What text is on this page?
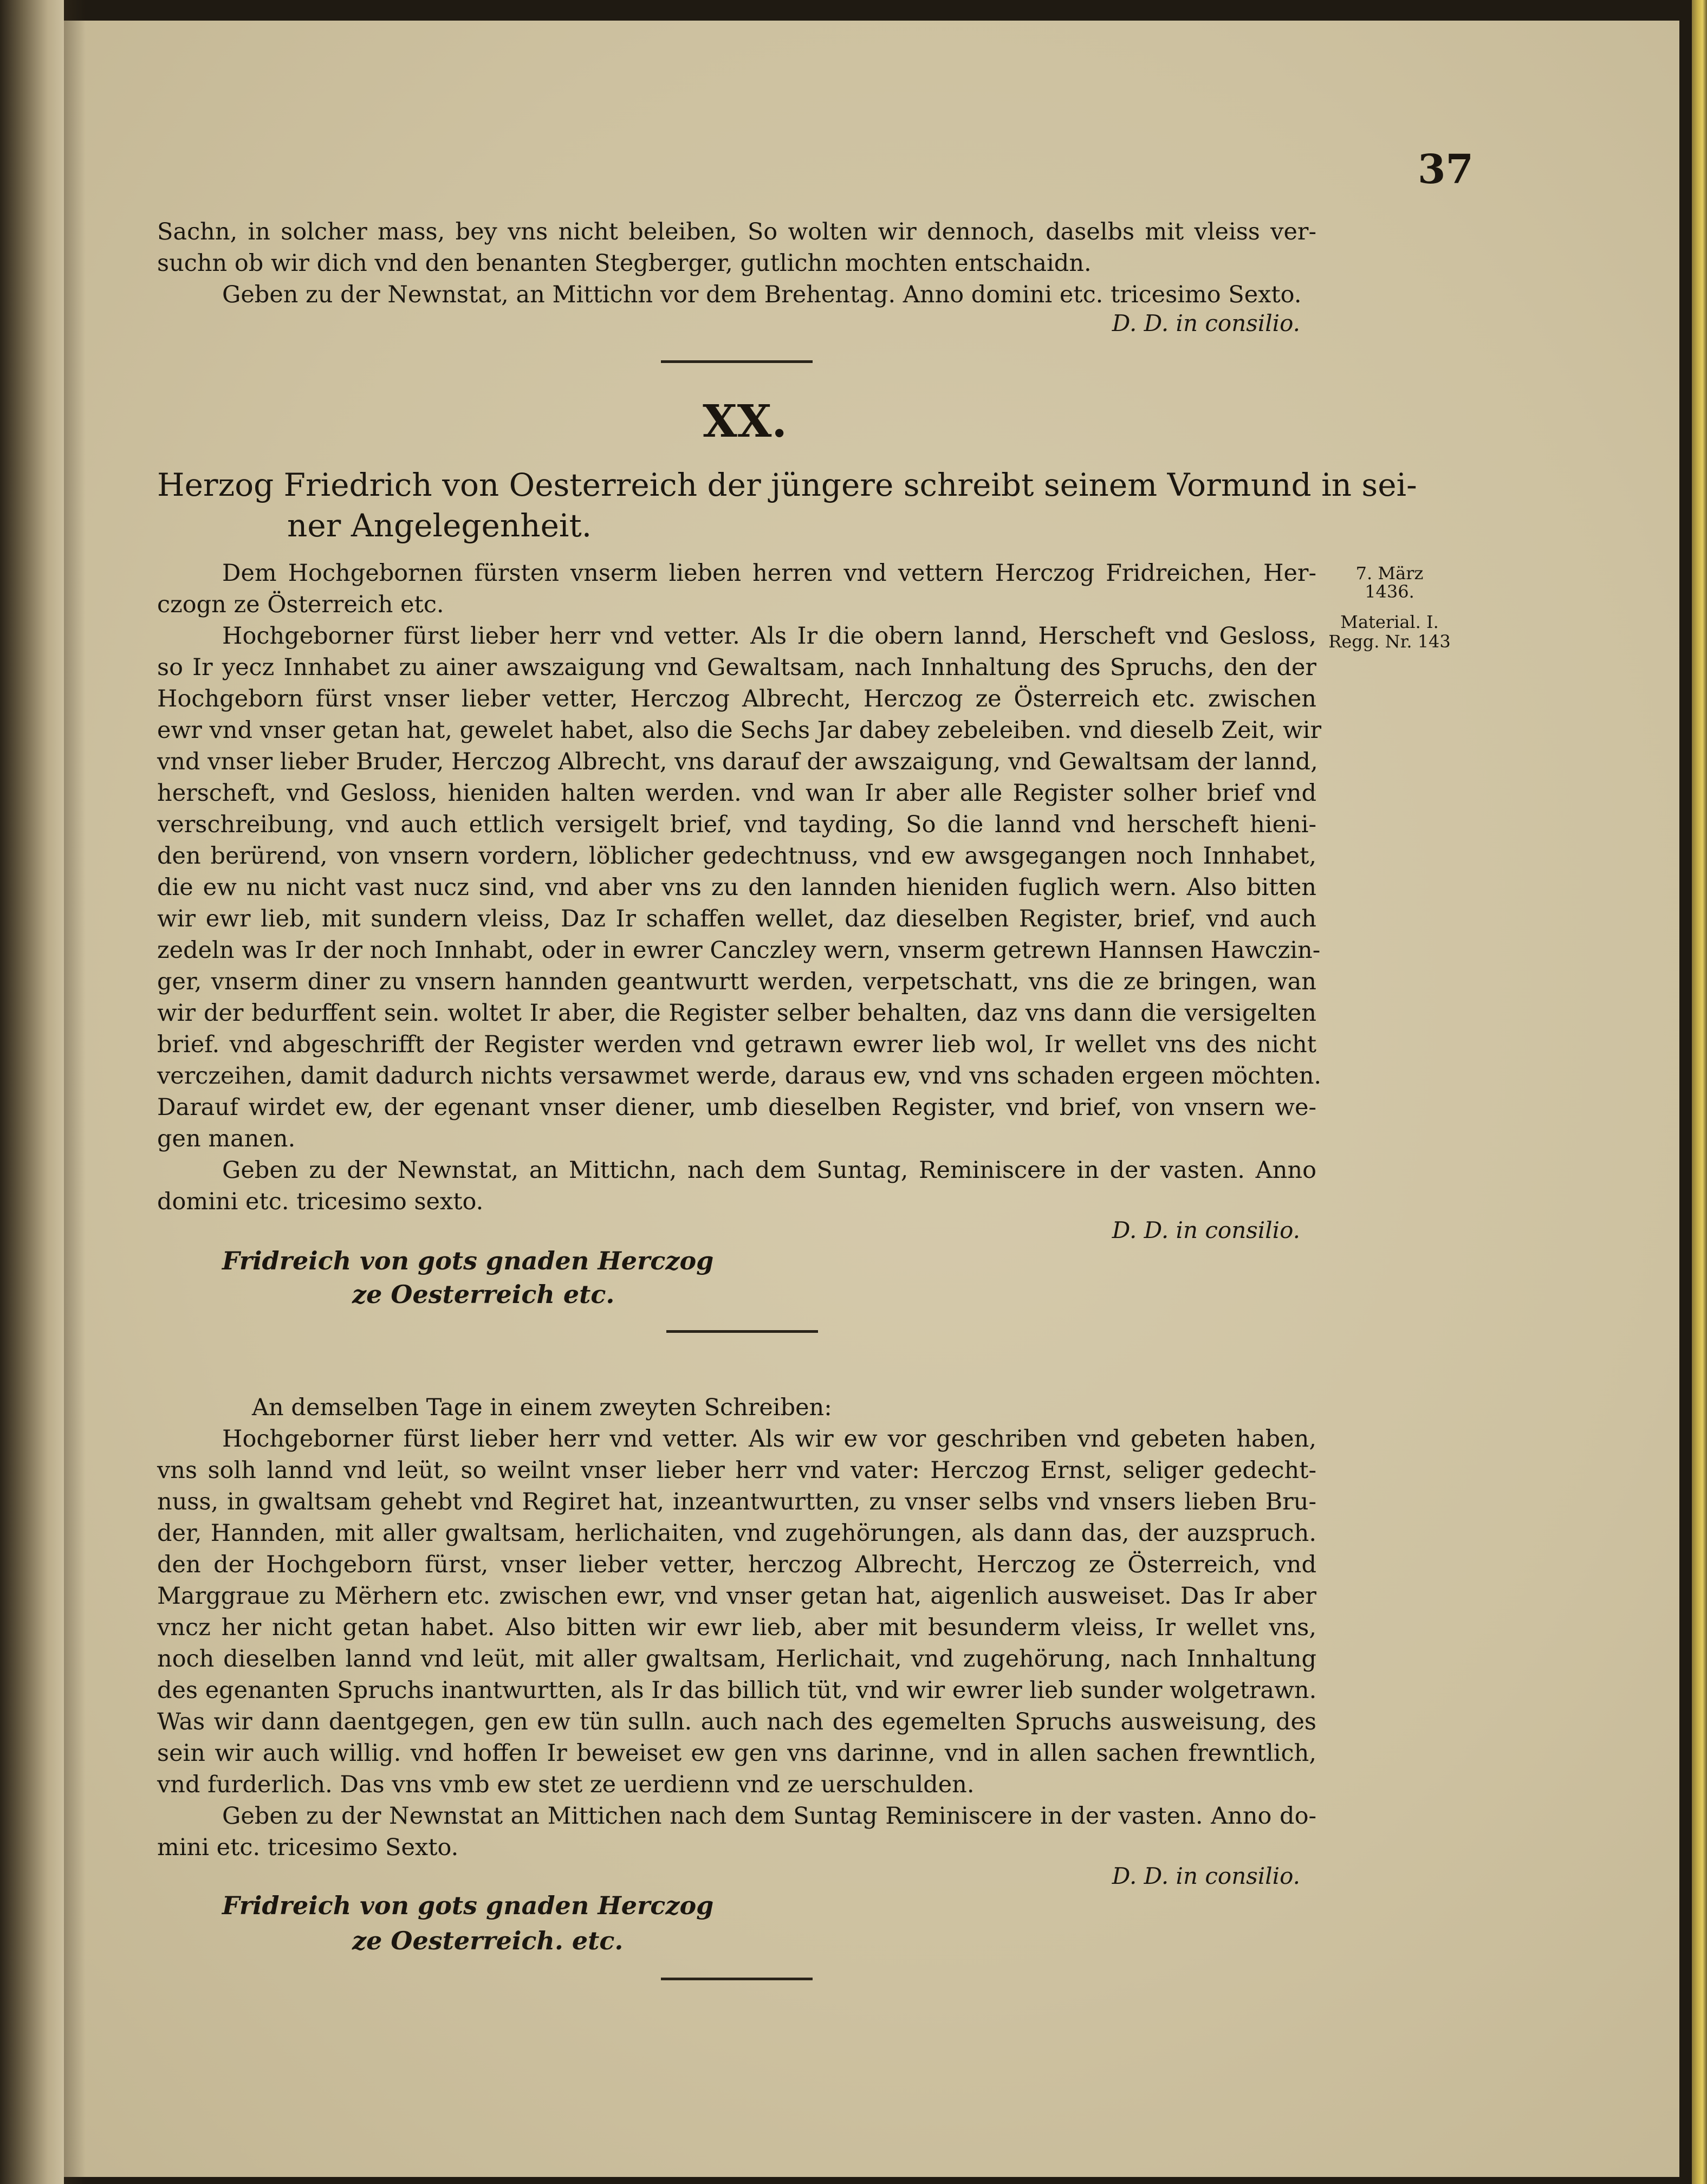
37
Sachn, in solcher mass, bey vns nicht beleiben, So wolten wir dennoch, daselbs mit vleiss ver-
suchn ob wir dich vnd den benanten Stegberger, gutlichn mochten entschaidn.
Geben zu der Newnstat, an Mittichn vor dem Brehentag. Anno domini etc. tricesimo Sexto.
D. D. in consilio.
XX.
Herzog Friedrich von Oesterreich der jüngere schreibt seinem Vormund in sei-
ner Angelegenheit.
7. März
1436.
Material. I.
Regg. Nr. 143
Dem Hochgebornen fürsten vnserm lieben herren vnd vettern Herczog Fridreichen, Her-
czogn ze Österreich etc.
Hochgeborner fürst lieber herr vnd vetter. Als Ir die obern lannd, Herscheft vnd Gesloss,
so Ir yecz Innhabet zu ainer awszaigung vnd Gewaltsam, nach Innhaltung des Spruchs, den der
Hochgeborn fürst vnser lieber vetter, Herczog Albrecht, Herczog ze Österreich etc. zwischen
ewr vnd vnser getan hat, gewelet habet, also die Sechs Jar dabey zebeleiben. vnd dieselb Zeit, wir
vnd vnser lieber Bruder, Herczog Albrecht, vns darauf der awszaigung, vnd Gewaltsam der lannd,
herscheft, vnd Gesloss, hieniden halten werden. vnd wan Ir aber alle Register solher brief vnd
verschreibung, vnd auch ettlich versigelt brief, vnd tayding, So die lannd vnd herscheft hieni-
den berürend, von vnsern vordern, löblicher gedechtnuss, vnd ew awsgegangen noch Innhabet,
die ew nu nicht vast nucz sind, vnd aber vns zu den lannden hieniden fuglich wern. Also bitten
wir ewr lieb, mit sundern vleiss, Daz Ir schaffen wellet, daz dieselben Register, brief, vnd auch
zedeln was Ir der noch Innhabt, oder in ewrer Canczley wern, vnserm getrewn Hannsen Hawczin-
ger, vnserm diner zu vnsern hannden geantwurtt werden, verpetschatt, vns die ze bringen, wan
wir der bedurffent sein. woltet Ir aber, die Register selber behalten, daz vns dann die versigelten
brief. vnd abgeschrifft der Register werden vnd getrawn ewrer lieb wol, Ir wellet vns des nicht
verczeihen, damit dadurch nichts versawmet werde, daraus ew, vnd vns schaden ergeen möchten.
Darauf wirdet ew, der egenant vnser diener, umb dieselben Register, vnd brief, von vnsern we-
gen manen.
Geben zu der Newnstat, an Mittichn, nach dem Suntag, Reminiscere in der vasten. Anno
domini etc. tricesimo sexto.
D. D. in consilio.
Fridreich von gots gnaden Herczog
ze Oesterreich etc.
An demselben Tage in einem zweyten Schreiben:
Hochgeborner fürst lieber herr vnd vetter. Als wir ew vor geschriben vnd gebeten haben,
vns solh lannd vnd leüt, so weilnt vnser lieber herr vnd vater: Herczog Ernst, seliger gedecht-
nuss, in gwaltsam gehebt vnd Regiret hat, inzeantwurtten, zu vnser selbs vnd vnsers lieben Bru-
der, Hannden, mit aller gwaltsam, herlichaiten, vnd zugehörungen, als dann das, der auzspruch.
den der Hochgeborn fürst, vnser lieber vetter, herczog Albrecht, Herczog ze Österreich, vnd
Marggraue zu Mërhern etc. zwischen ewr, vnd vnser getan hat, aigenlich ausweiset. Das Ir aber
vncz her nicht getan habet. Also bitten wir ewr lieb, aber mit besunderm vleiss, Ir wellet vns,
noch dieselben lannd vnd leüt, mit aller gwaltsam, Herlichait, vnd zugehörung, nach Innhaltung
des egenanten Spruchs inantwurtten, als Ir das billich tüt, vnd wir ewrer lieb sunder wolgetrawn.
Was wir dann daentgegen, gen ew tün sulln. auch nach des egemelten Spruchs ausweisung, des
sein wir auch willig. vnd hoffen Ir beweiset ew gen vns darinne, vnd in allen sachen frewntlich,
vnd furderlich. Das vns vmb ew stet ze uerdienn vnd ze uerschulden.
Geben zu der Newnstat an Mittichen nach dem Suntag Reminiscere in der vasten. Anno do-
mini etc. tricesimo Sexto.
D. D. in consilio.
Fridreich von gots gnaden Herczog
ze Oesterreich. etc.
